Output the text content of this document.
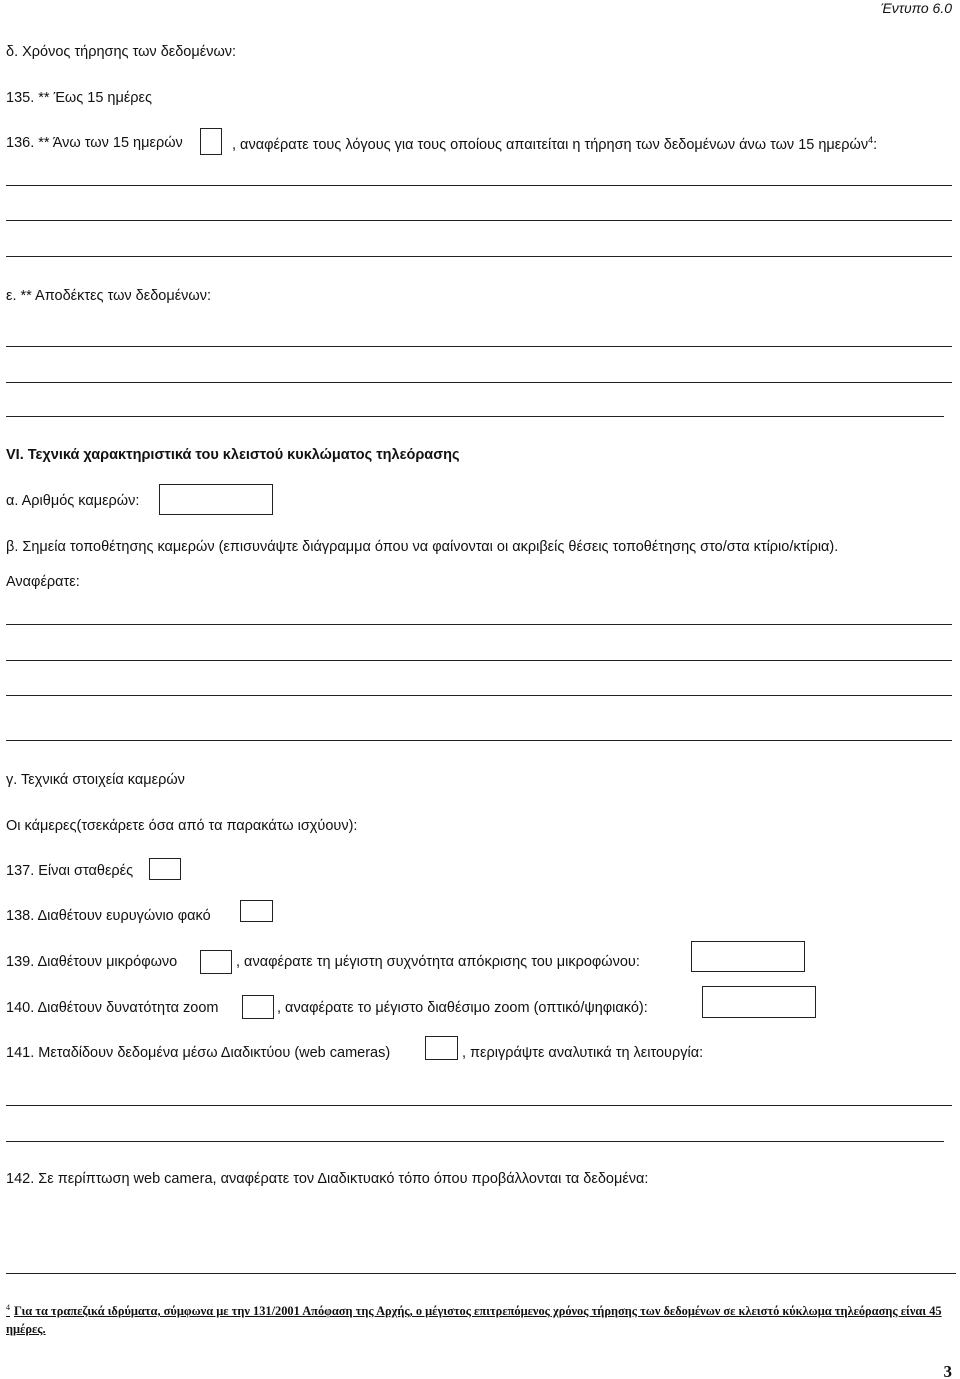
Έντυπο 6.0
δ. Χρόνος τήρησης των δεδομένων:
135. ** Έως 15 ημέρες
136. ** Άνω των 15 ημερών	, αναφέρατε τους λόγους για τους οποίους απαιτείται η τήρηση των δεδομένων άνω των 15 ημερών$^4$:
ε. ** Αποδέκτες των δεδομένων:
VI. Τεχνικά χαρακτηριστικά του κλειστού κυκλώματος τηλεόρασης
α. Αριθμός καμερών:
β. Σημεία τοποθέτησης καμερών (επισυνάψτε διάγραμμα όπου να φαίνονται οι ακριβείς θέσεις τοποθέτησης στο/στα κτίριο/κτίρια).
Αναφέρατε:
γ. Τεχνικά στοιχεία καμερών
Οι κάμερες(τσεκάρετε όσα από τα παρακάτω ισχύουν):
137. Είναι σταθερές
138. Διαθέτουν ευρυγώνιο φακό
139. Διαθέτουν μικρόφωνο	, αναφέρατε τη μέγιστη συχνότητα απόκρισης του μικροφώνου:
140. Διαθέτουν δυνατότητα zoom	, αναφέρατε το μέγιστο διαθέσιμο zoom (οπτικό/ψηφιακό):
141. Μεταδίδουν δεδομένα μέσω Διαδικτύου (web cameras)	, περιγράψτε αναλυτικά τη λειτουργία:
142. Σε περίπτωση web camera, αναφέρατε τον Διαδικτυακό τόπο όπου προβάλλονται τα δεδομένα:
$^4$ Για τα τραπεζικά ιδρύματα, σύμφωνα με την 131/2001 Απόφαση της Αρχής, ο μέγιστος επιτρεπόμενος χρόνος τήρησης των δεδομένων σε κλειστό κύκλωμα τηλεόρασης είναι 45 ημέρες.
3
